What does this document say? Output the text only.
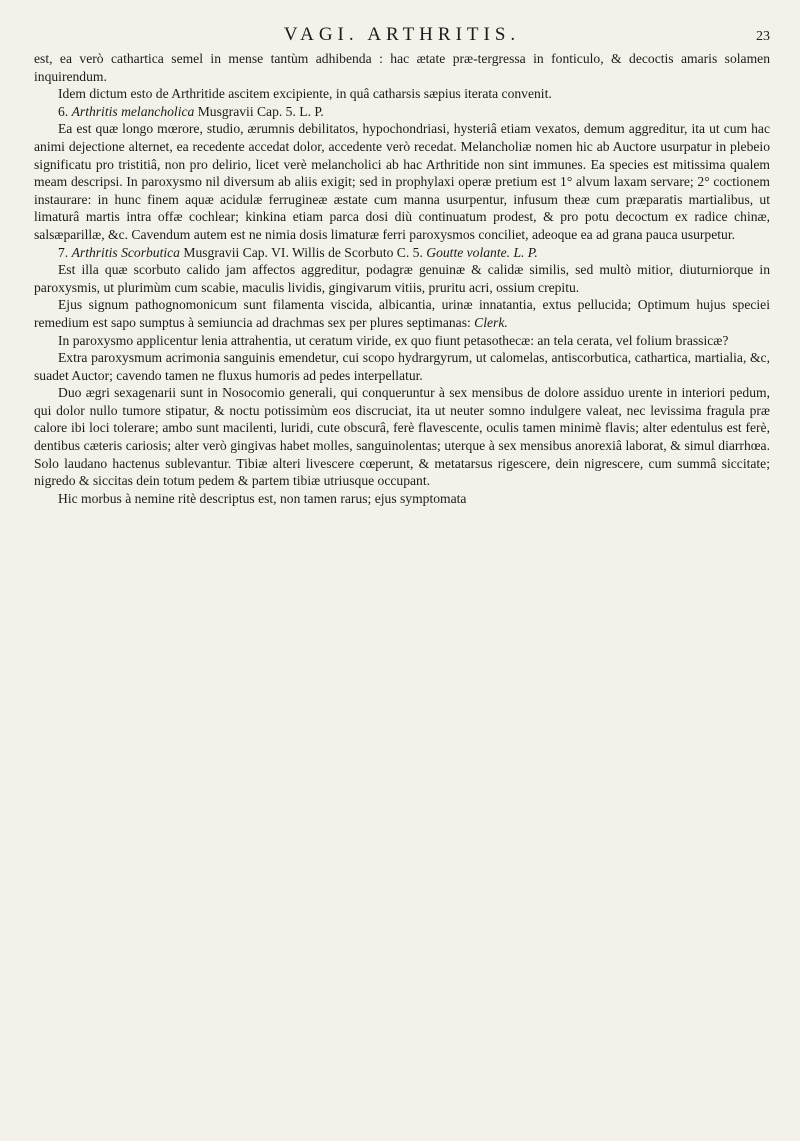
VAGI. ARTHRITIS.	23

est, ea verò cathartica semel in mense tantùm adhibenda : hac ætate præ-tergressa in fonticulo, & decoctis amaris solamen inquirendum.

Idem dictum esto de Arthritide ascitem excipiente, in quâ catharsis sæpius iterata convenit.

6. Arthritis melancholica Musgravii Cap. 5. L. P.

Ea est quæ longo mœrore, studio, ærumnis debilitatos, hypochondriasi, hysteriâ etiam vexatos, demum aggreditur, ita ut cum hac animi dejectione alternet, ea recedente accedat dolor, accedente verò recedat. Melancholiæ nomen hic ab Auctore usurpatur in plebeio significatu pro tristitiâ, non pro delirio, licet verè melancholici ab hac Arthritide non sint immunes. Ea species est mitissima qualem meam descripsi. In paroxysmo nil diversum ab aliis exigit; sed in prophylaxi operæ pretium est 1° alvum laxam servare; 2° coctionem instaurare: in hunc finem aquæ acidulæ ferrugineæ æstate cum manna usurpentur, infusum theæ cum præparatis martialibus, ut limaturâ martis intra offæ cochlear; kinkina etiam parca dosi diù continuatum prodest, & pro potu decoctum ex radice chinæ, salsæparillæ, &c. Cavendum autem est ne nimia dosis limaturæ ferri paroxysmos conciliet, adeoque ea ad grana pauca usurpetur.

7. Arthritis Scorbutica Musgravii Cap. VI. Willis de Scorbuto C. 5. Goutte volante. L. P.

Est illa quæ scorbuto calido jam affectos aggreditur, podagræ genuinæ & calidæ similis, sed multò mitior, diuturniorque in paroxysmis, ut plurimùm cum scabie, maculis lividis, gingivarum vitiis, pruritu acri, ossium crepitu.

Ejus signum pathognomonicum sunt filamenta viscida, albicantia, urinæ innatantia, extus pellucida; Optimum hujus speciei remedium est sapo sumptus à semiuncia ad drachmas sex per plures septimanas: Clerk.

In paroxysmo applicentur lenia attrahentia, ut ceratum viride, ex quo fiunt petasothecæ: an tela cerata, vel folium brassicæ?

Extra paroxysmum acrimonia sanguinis emendetur, cui scopo hydrargyrum, ut calomelas, antiscorbutica, cathartica, martialia, &c, suadet Auctor; cavendo tamen ne fluxus humoris ad pedes interpellatur.

Duo ægri sexagenarii sunt in Nosocomio generali, qui conqueruntur à sex mensibus de dolore assiduo urente in interiori pedum, qui dolor nullo tumore stipatur, & noctu potissimùm eos discruciat, ita ut neuter somno indulgere valeat, nec levissima fragula præ calore ibi loci tolerare; ambo sunt macilenti, luridi, cute obscurâ, ferè flavescente, oculis tamen minimè flavis; alter edentulus est ferè, dentibus cæteris cariosis; alter verò gingivas habet molles, sanguinolentas; uterque à sex mensibus anorexiâ laborat, & simul diarrhœa. Solo laudano hactenus sublevantur. Tibiæ alteri livescere cœperunt, & metatarsus rigescere, dein nigrescere, cum summâ siccitate; nigredo & siccitas dein totum pedem & partem tibiæ utriusque occupant.

Hic morbus à nemine ritè descriptus est, non tamen rarus; ejus symptomata
